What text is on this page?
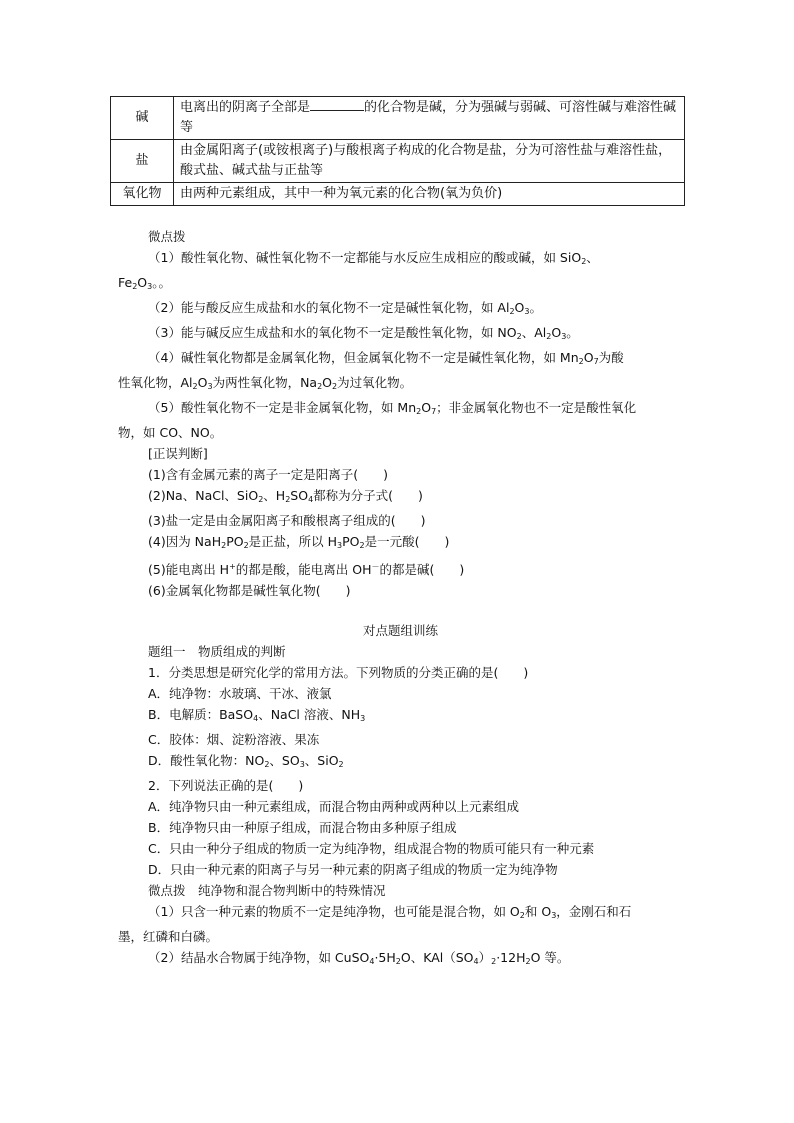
碱	电离出的阴离子全部是 的化合物是碱，分为强碱与弱碱、可溶性碱与难溶性碱等
盐	由金属阳离子(或铵根离子)与酸根离子构成的化合物是盐，分为可溶性盐与难溶性盐，酸式盐、碱式盐与正盐等
氧化物	由两种元素组成，其中一种为氧元素的化合物(氧为负价)
微点拨
（1）酸性氧化物、碱性氧化物不一定都能与水反应生成相应的酸或碱，如 SiO$_2$、
$Fe_2O_3$。。
（2）能与酸反应生成盐和水的氧化物不一定是碱性氧化物，如 $Al_2O_3$。
（3）能与碱反应生成盐和水的氧化物不一定是酸性氧化物，如 $NO_2$、$Al_2O_3$。
（4）碱性氧化物都是金属氧化物，但金属氧化物不一定是碱性氧化物，如 $Mn_2O_7$为酸
性氧化物，$Al_2O_3$为两性氧化物，$Na_2O_2$为过氧化物。
（5）酸性氧化物不一定是非金属氧化物，如 $Mn_2O_7$；非金属氧化物也不一定是酸性氧化
物，如 CO、NO。
[正误判断]
(1)含有金属元素的离子一定是阳离子(　　)
(2)Na、NaCl、SiO$_2$、$H_2SO_4$都称为分子式(　　)
(3)盐一定是由金属阳离子和酸根离子组成的(　　)
(4)因为 $NaH_2PO_2$是正盐，所以 $H_3PO_2$是一元酸(　　)
(5)能电离出 H+的都是酸，能电离出 OH－的都是碱(　　)
(6)金属氧化物都是碱性氧化物(　　)
对点题组训练
题组一　物质组成的判断
1．分类思想是研究化学的常用方法。下列物质的分类正确的是(　　)
A．纯净物：水玻璃、干冰、液氯
B．电解质：BaSO$_4$、NaCl 溶液、$NH_3$
C．胶体：烟、淀粉溶液、果冻
D．酸性氧化物：$NO_2$、$SO_3$、SiO$_2$
2．下列说法正确的是(　　)
A．纯净物只由一种元素组成，而混合物由两种或两种以上元素组成
B．纯净物只由一种原子组成，而混合物由多种原子组成
C．只由一种分子组成的物质一定为纯净物，组成混合物的物质可能只有一种元素
D．只由一种元素的阳离子与另一种元素的阴离子组成的物质一定为纯净物
微点拨　纯净物和混合物判断中的特殊情况
（1）只含一种元素的物质不一定是纯净物，也可能是混合物，如 $O_2$和 $O_3$，金刚石和石
墨，红磷和白磷。
（2）结晶水合物属于纯净物，如 $CuSO_4\cdot 5H_2O$、$KAl(SO_4)_2\cdot 12H_2O$ 等。
